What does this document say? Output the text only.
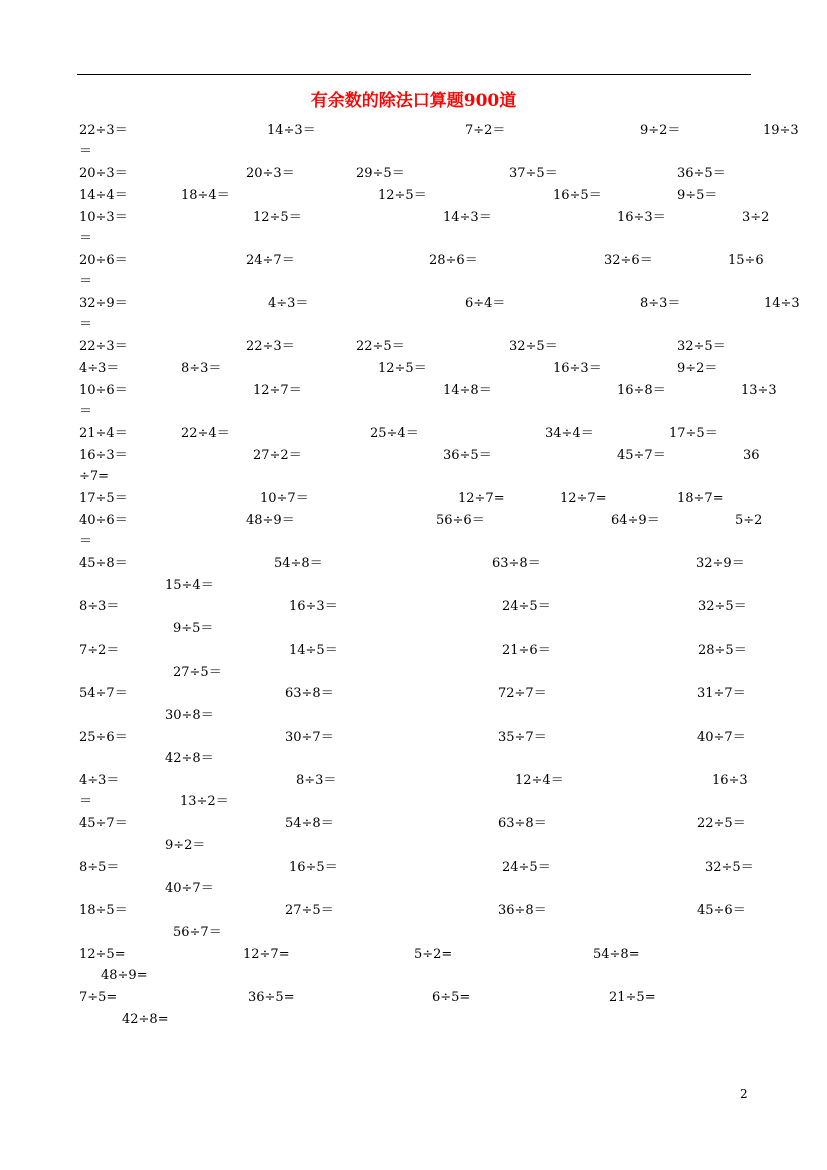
有余数的除法口算题900道
22÷3＝	14÷3＝	7÷2＝	9÷2＝	19÷3
＝
20÷3＝	20÷3＝	29÷5＝	37÷5＝	36÷5＝
14÷4＝	18÷4＝	12÷5＝	16÷5＝	9÷5＝
10÷3＝	12÷5＝	14÷3＝	16÷3＝	3÷2
＝
20÷6＝	24÷7＝	28÷6＝	32÷6＝	15÷6
＝
32÷9＝	4÷3＝	6÷4＝	8÷3＝	14÷3
＝
22÷3＝	22÷3＝	22÷5＝	32÷5＝	32÷5＝
4÷3＝	8÷3＝	12÷5＝	16÷3＝	9÷2＝
10÷6＝	12÷7＝	14÷8＝	16÷8＝	13÷3
＝
21÷4＝	22÷4＝	25÷4＝	34÷4＝	17÷5＝
16÷3＝	27÷2＝	36÷5＝	45÷7＝	36
÷7=
17÷5＝	10÷7＝	12÷7=	12÷7=	18÷7=
40÷6＝	48÷9＝	56÷6＝	64÷9＝	5÷2
＝
45÷8＝	54÷8＝	63÷8＝	32÷9＝
15÷4＝
8÷3＝	16÷3＝	24÷5＝	32÷5＝
9÷5＝
7÷2＝	14÷5＝	21÷6＝	28÷5＝
27÷5＝
54÷7＝	63÷8＝	72÷7＝	31÷7＝
30÷8＝
25÷6＝	30÷7＝	35÷7＝	40÷7＝
42÷8＝
4÷3＝	8÷3＝	12÷4＝	16÷3
＝	13÷2＝
45÷7＝	54÷8＝	63÷8＝	22÷5＝
9÷2＝
8÷5＝	16÷5＝	24÷5＝	32÷5＝
40÷7＝
18÷5＝	27÷5＝	36÷8＝	45÷6＝
56÷7＝
12÷5=	12÷7=	5÷2=	54÷8=
48÷9=
7÷5=	36÷5=	6÷5=	21÷5=
42÷8=
2
